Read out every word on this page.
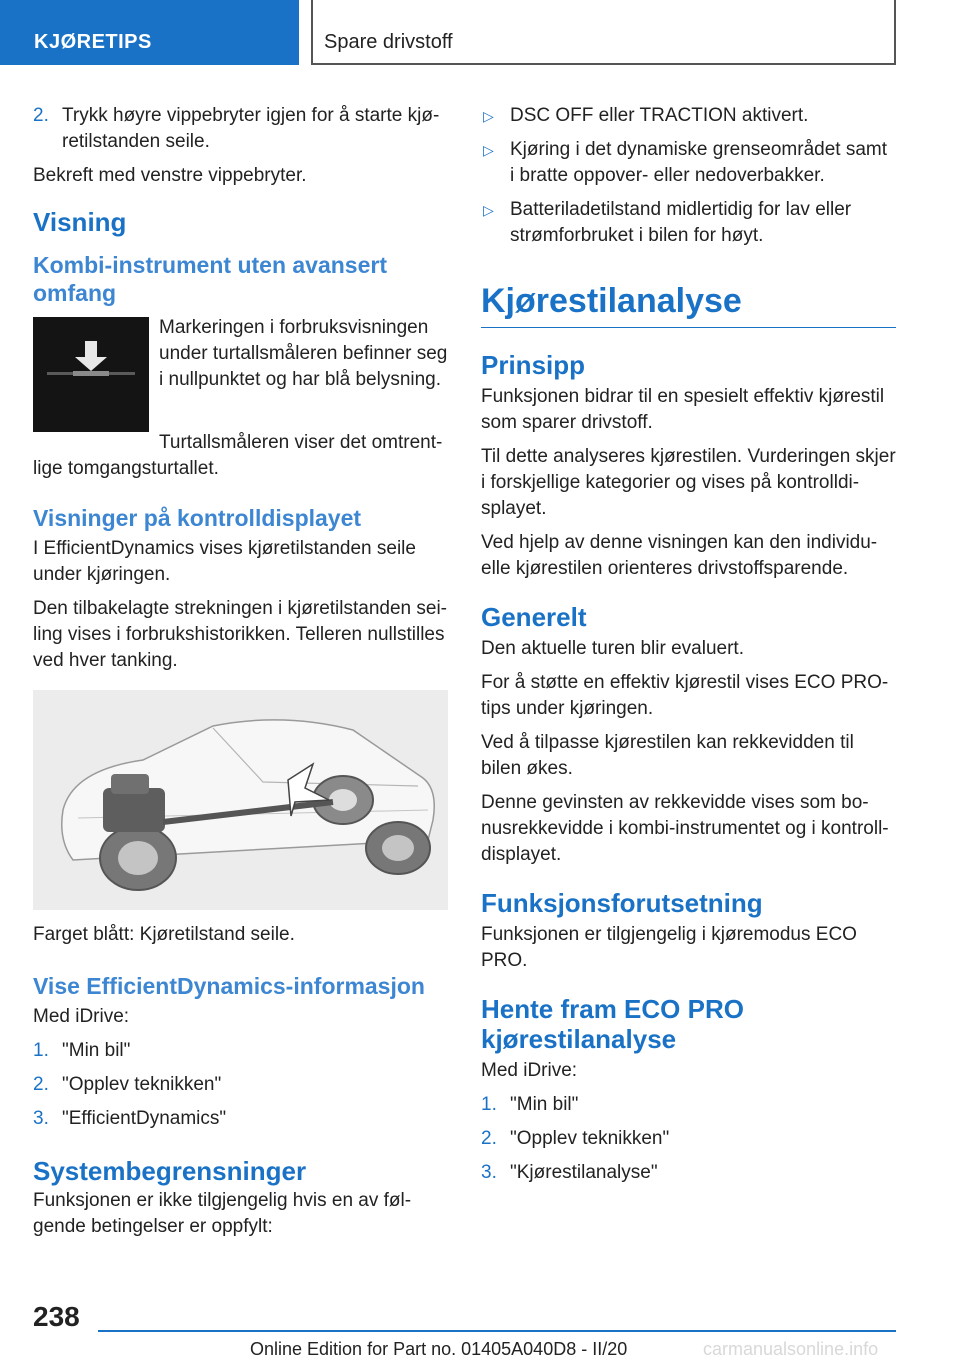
KJØRETIPS	Spare drivstoff
2. Trykk høyre vippebryter igjen for å starte kjøretilstanden seile.

Bekreft med venstre vippebryter.

Visning
Kombi-instrument uten avansert omfang

Markeringen i forbruksvisningen under turtallsmåleren befinner seg i nullpunktet og har blå belysning.

Turtallsmåleren viser det omtrentlige tomgangsturtallet.

Visninger på kontrolldisplayet

I EfficientDynamics vises kjøretilstanden seile under kjøringen.

Den tilbakelagte strekningen i kjøretilstanden seiling vises i forbrukshistorikken. Telleren nullstilles ved hver tanking.

Farget blått: Kjøretilstand seile.

Vise EfficientDynamics-informasjon

Med iDrive:

1. "Min bil"
2. "Opplev teknikken"
3. "EfficientDynamics"
Systembegrensninger

Funksjonen er ikke tilgjengelig hvis en av følgende betingelser er oppfylt:

▷ DSC OFF eller TRACTION aktivert.
▷ Kjøring i det dynamiske grenseområdet samt i bratte oppover- eller nedoverbakker.
▷ Batteriladetilstand midlertidig for lav eller strømforbruket i bilen for høyt.
Kjørestilanalyse
Prinsipp

Funksjonen bidrar til en spesielt effektiv kjørestil som sparer drivstoff.

Til dette analyseres kjørestilen. Vurderingen skjer i forskjellige kategorier og vises på kontrolldisplayet.

Ved hjelp av denne visningen kan den individuelle kjørestilen orienteres drivstoffsparende.

Generelt

Den aktuelle turen blir evaluert.

For å støtte en effektiv kjørestil vises ECO PRO-tips under kjøringen.

Ved å tilpasse kjørestilen kan rekkevidden til bilen økes.

Denne gevinsten av rekkevidde vises som bonusrekkevidde i kombi-instrumentet og i kontrolldisplayet.

Funksjonsforutsetning

Funksjonen er tilgjengelig i kjøremodus ECO PRO.

Hente fram ECO PRO kjørestilanalyse

Med iDrive:

1. "Min bil"
2. "Opplev teknikken"
3. "Kjørestilanalyse"
238
Online Edition for Part no. 01405A040D8 - II/20	carmanualsonline.info
